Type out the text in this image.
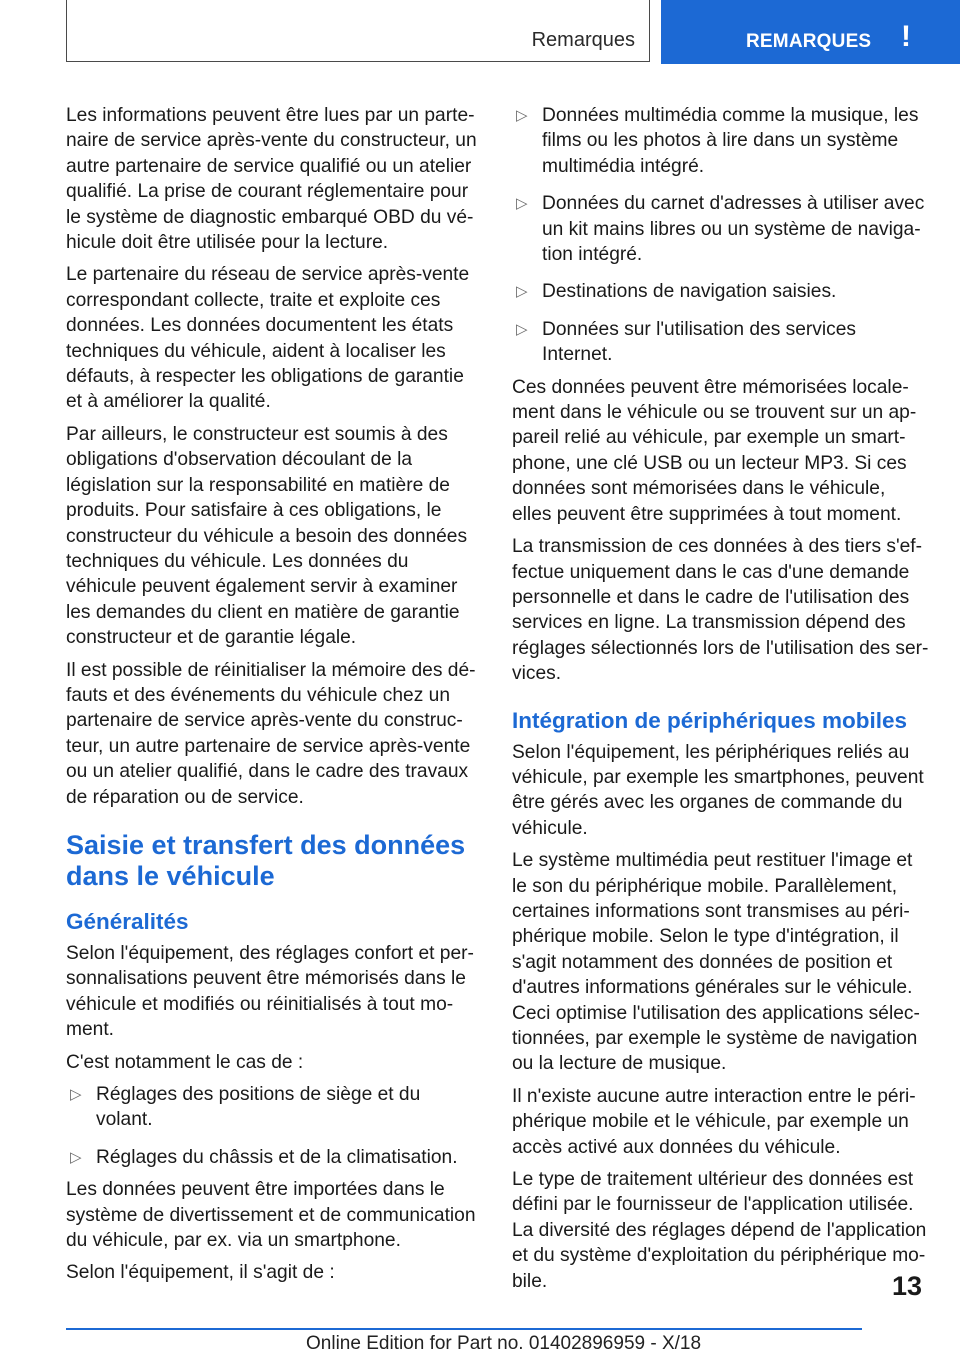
Remarques	REMARQUES !

Les informations peuvent être lues par un partenaire de service après-vente du constructeur, un autre partenaire de service qualifié ou un atelier qualifié. La prise de courant réglementaire pour le système de diagnostic embarqué OBD du véhicule doit être utilisée pour la lecture.

Le partenaire du réseau de service après-vente correspondant collecte, traite et exploite ces données. Les données documentent les états techniques du véhicule, aident à localiser les défauts, à respecter les obligations de garantie et à améliorer la qualité.

Par ailleurs, le constructeur est soumis à des obligations d'observation découlant de la législation sur la responsabilité en matière de produits. Pour satisfaire à ces obligations, le constructeur du véhicule a besoin des données techniques du véhicule. Les données du véhicule peuvent également servir à examiner les demandes du client en matière de garantie constructeur et de garantie légale.

Il est possible de réinitialiser la mémoire des défauts et des événements du véhicule chez un partenaire de service après-vente du constructeur, un autre partenaire de service après-vente ou un atelier qualifié, dans le cadre des travaux de réparation ou de service.

Saisie et transfert des données dans le véhicule
Généralités

Selon l'équipement, des réglages confort et personnalisations peuvent être mémorisés dans le véhicule et modifiés ou réinitialisés à tout moment.

C'est notamment le cas de :

▷ Réglages des positions de siège et du volant.

▷ Réglages du châssis et de la climatisation.

Les données peuvent être importées dans le système de divertissement et de communication du véhicule, par ex. via un smartphone.

Selon l'équipement, il s'agit de :

▷ Données multimédia comme la musique, les films ou les photos à lire dans un système multimédia intégré.

▷ Données du carnet d'adresses à utiliser avec un kit mains libres ou un système de navigation intégré.

▷ Destinations de navigation saisies.

▷ Données sur l'utilisation des services Internet.

Ces données peuvent être mémorisées localement dans le véhicule ou se trouvent sur un appareil relié au véhicule, par exemple un smartphone, une clé USB ou un lecteur MP3. Si ces données sont mémorisées dans le véhicule, elles peuvent être supprimées à tout moment.

La transmission de ces données à des tiers s'effectue uniquement dans le cas d'une demande personnelle et dans le cadre de l'utilisation des services en ligne. La transmission dépend des réglages sélectionnés lors de l'utilisation des services.

Intégration de périphériques mobiles

Selon l'équipement, les périphériques reliés au véhicule, par exemple les smartphones, peuvent être gérés avec les organes de commande du véhicule.

Le système multimédia peut restituer l'image et le son du périphérique mobile. Parallèlement, certaines informations sont transmises au périphérique mobile. Selon le type d'intégration, il s'agit notamment des données de position et d'autres informations générales sur le véhicule. Ceci optimise l'utilisation des applications sélectionnées, par exemple le système de navigation ou la lecture de musique.

Il n'existe aucune autre interaction entre le périphérique mobile et le véhicule, par exemple un accès activé aux données du véhicule.

Le type de traitement ultérieur des données est défini par le fournisseur de l'application utilisée. La diversité des réglages dépend de l'application et du système d'exploitation du périphérique mobile.	13
Online Edition for Part no. 01402896959 - X/18
